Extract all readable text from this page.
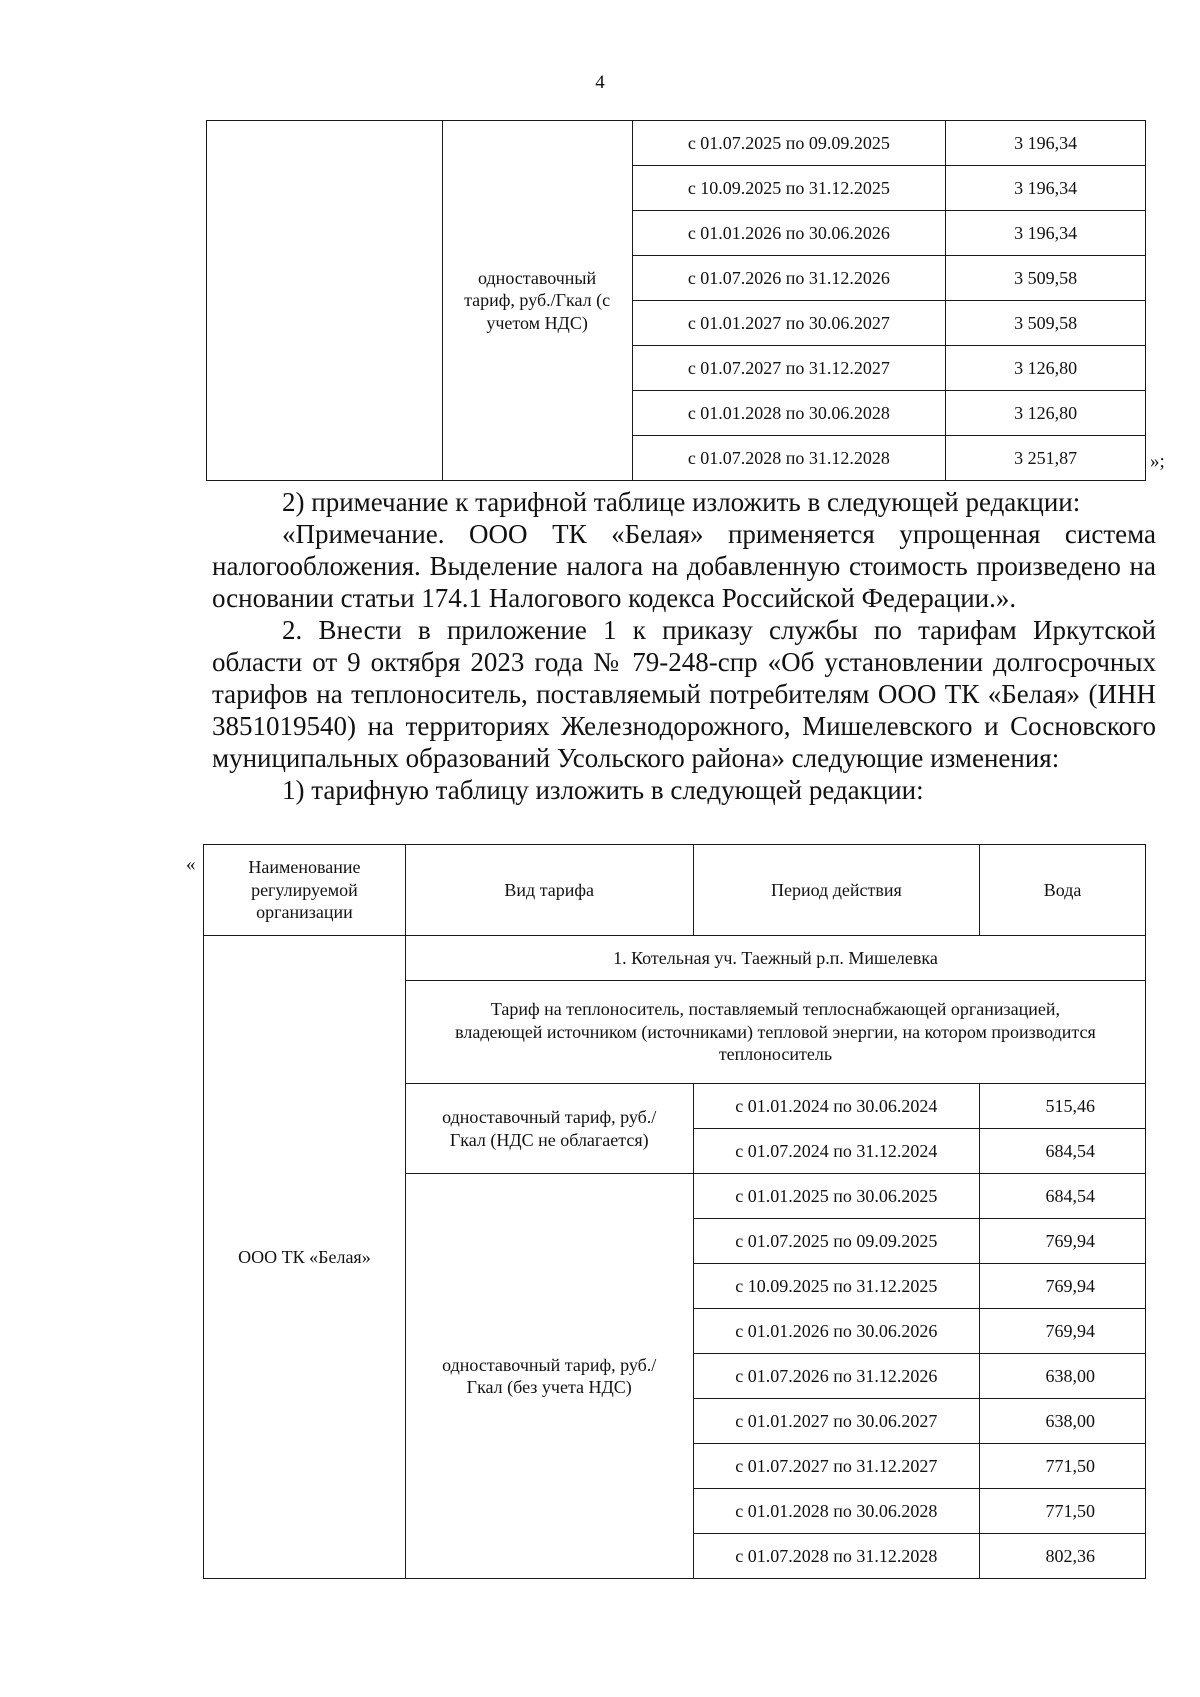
4
	одноставочный тариф, руб./Гкал (с учетом НДС)	с 01.07.2025 по 09.09.2025	3 196,34
		с 10.09.2025 по 31.12.2025	3 196,34
		с 01.01.2026 по 30.06.2026	3 196,34
		с 01.07.2026 по 31.12.2026	3 509,58
		с 01.01.2027 по 30.06.2027	3 509,58
		с 01.07.2027 по 31.12.2027	3 126,80
		с 01.01.2028 по 30.06.2028	3 126,80
		с 01.07.2028 по 31.12.2028	3 251,87	»;

2) примечание к тарифной таблице изложить в следующей редакции:

«Примечание. ООО ТК «Белая» применяется упрощенная система налогообложения. Выделение налога на добавленную стоимость произведено на основании статьи 174.1 Налогового кодекса Российской Федерации.».

2. Внести в приложение 1 к приказу службы по тарифам Иркутской области от 9 октября 2023 года № 79-248-спр «Об установлении долгосрочных тарифов на теплоноситель, поставляемый потребителям ООО ТК «Белая» (ИНН 3851019540) на территориях Железнодорожного, Мишелевского и Сосновского муниципальных образований Усольского района» следующие изменения:

1) тарифную таблицу изложить в следующей редакции:

«	Наименование регулируемой организации	Вид тарифа	Период действия	Вода
ООО ТК «Белая»	1. Котельная уч. Таежный р.п. Мишелевка		
	Тариф на теплоноситель, поставляемый теплоснабжающей организацией, владеющей источником (источниками) тепловой энергии, на котором производится теплоноситель		
	одноставочный тариф, руб./Гкал (НДС не облагается)	с 01.01.2024 по 30.06.2024	515,46
		с 01.07.2024 по 31.12.2024	684,54
	одноставочный тариф, руб./Гкал (без учета НДС)	с 01.01.2025 по 30.06.2025	684,54
		с 01.07.2025 по 09.09.2025	769,94
		с 10.09.2025 по 31.12.2025	769,94
		с 01.01.2026 по 30.06.2026	769,94
		с 01.07.2026 по 31.12.2026	638,00
		с 01.01.2027 по 30.06.2027	638,00
		с 01.07.2027 по 31.12.2027	771,50
		с 01.01.2028 по 30.06.2028	771,50
		с 01.07.2028 по 31.12.2028	802,36
